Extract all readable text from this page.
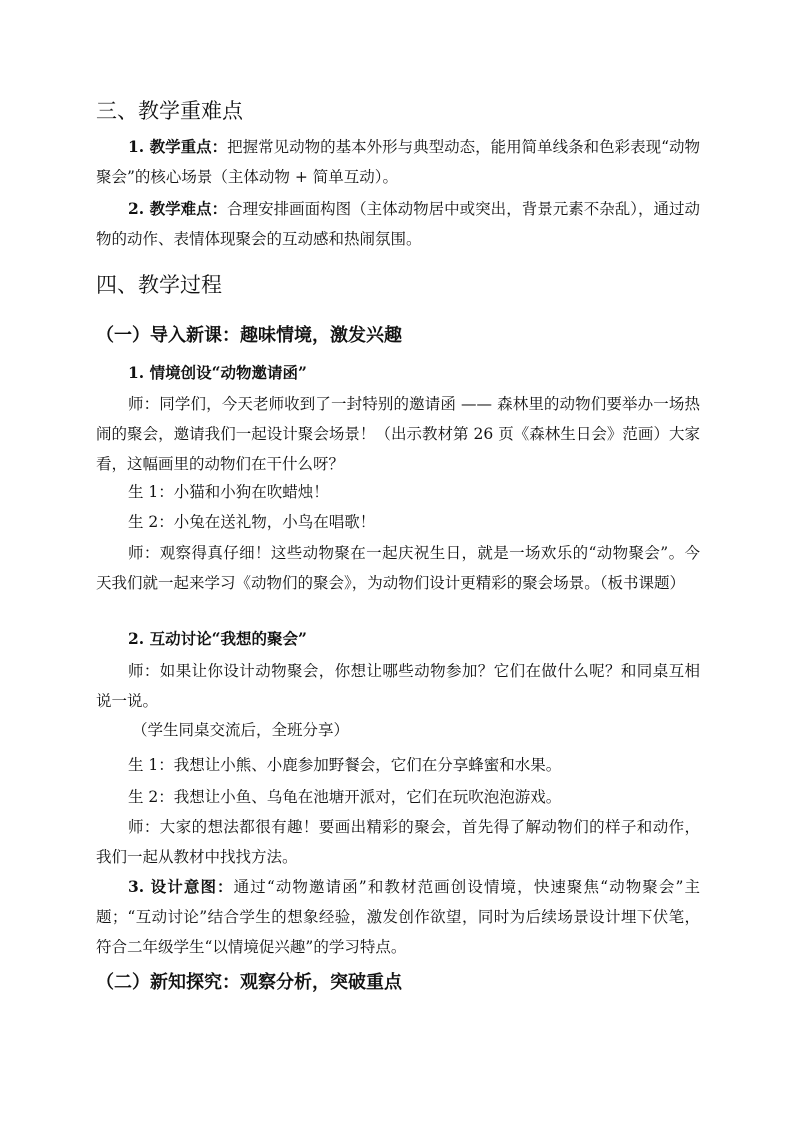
三、教学重难点

1. 教学重点：把握常见动物的基本外形与典型动态，能用简单线条和色彩表现“动物聚会”的核心场景（主体动物 + 简单互动）。

2. 教学难点：合理安排画面构图（主体动物居中或突出，背景元素不杂乱），通过动物的动作、表情体现聚会的互动感和热闹氛围。

四、教学过程
（一）导入新课：趣味情境，激发兴趣

1. 情境创设“动物邀请函”

师：同学们，今天老师收到了一封特别的邀请函 —— 森林里的动物们要举办一场热闹的聚会，邀请我们一起设计聚会场景！（出示教材第 26 页《森林生日会》范画）大家看，这幅画里的动物们在干什么呀？

生 1：小猫和小狗在吹蜡烛！

生 2：小兔在送礼物，小鸟在唱歌！

师：观察得真仔细！这些动物聚在一起庆祝生日，就是一场欢乐的“动物聚会”。今天我们就一起来学习《动物们的聚会》，为动物们设计更精彩的聚会场景。（板书课题）

2. 互动讨论“我想的聚会”

师：如果让你设计动物聚会，你想让哪些动物参加？它们在做什么呢？和同桌互相说一说。

（学生同桌交流后，全班分享）

生 1：我想让小熊、小鹿参加野餐会，它们在分享蜂蜜和水果。

生 2：我想让小鱼、乌龟在池塘开派对，它们在玩吹泡泡游戏。

师：大家的想法都很有趣！要画出精彩的聚会，首先得了解动物们的样子和动作，我们一起从教材中找找方法。

3. 设计意图：通过“动物邀请函”和教材范画创设情境，快速聚焦“动物聚会”主题；“互动讨论”结合学生的想象经验，激发创作欲望，同时为后续场景设计埋下伏笔，符合二年级学生“以情境促兴趣”的学习特点。

（二）新知探究：观察分析，突破重点
